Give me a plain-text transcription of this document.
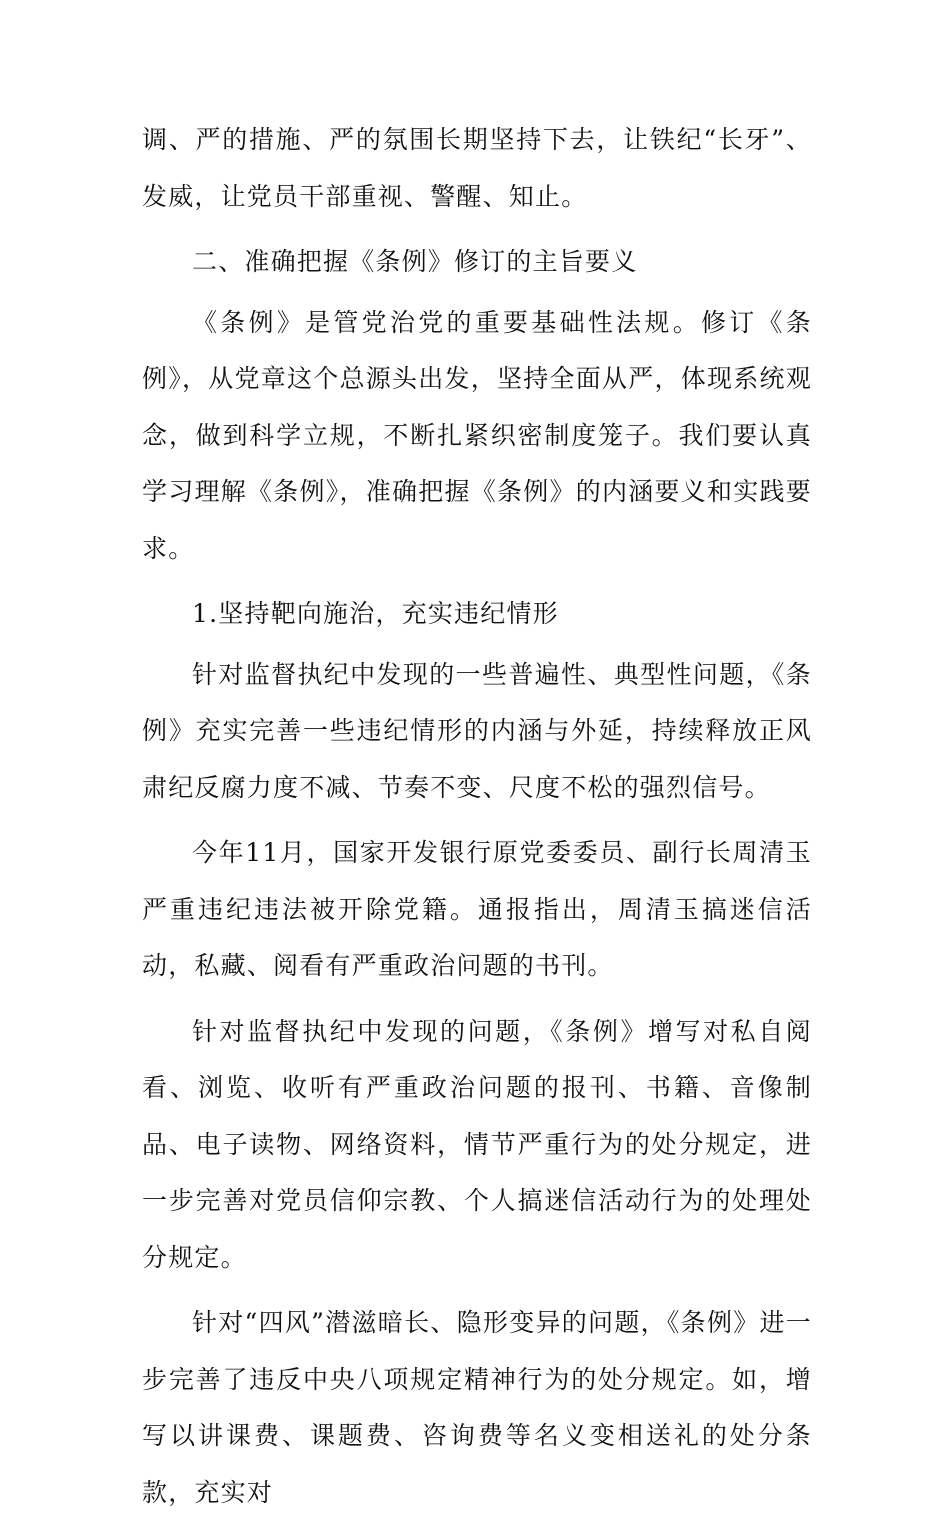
调、严的措施、严的氛围长期坚持下去，让铁纪“长牙”、发威，让党员干部重视、警醒、知止。

二、准确把握《条例》修订的主旨要义

《条例》是管党治党的重要基础性法规。修订《条例》，从党章这个总源头出发，坚持全面从严，体现系统观念，做到科学立规，不断扎紧织密制度笼子。我们要认真学习理解《条例》，准确把握《条例》的内涵要义和实践要求。

1.坚持靶向施治，充实违纪情形

针对监督执纪中发现的一些普遍性、典型性问题，《条例》充实完善一些违纪情形的内涵与外延，持续释放正风肃纪反腐力度不减、节奏不变、尺度不松的强烈信号。

今年11月，国家开发银行原党委委员、副行长周清玉严重违纪违法被开除党籍。通报指出，周清玉搞迷信活动，私藏、阅看有严重政治问题的书刊。

针对监督执纪中发现的问题，《条例》增写对私自阅看、浏览、收听有严重政治问题的报刊、书籍、音像制品、电子读物、网络资料，情节严重行为的处分规定，进一步完善对党员信仰宗教、个人搞迷信活动行为的处理处分规定。

针对“四风”潜滋暗长、隐形变异的问题，《条例》进一步完善了违反中央八项规定精神行为的处分规定。如，增写以讲课费、课题费、咨询费等名义变相送礼的处分条款，充实对
